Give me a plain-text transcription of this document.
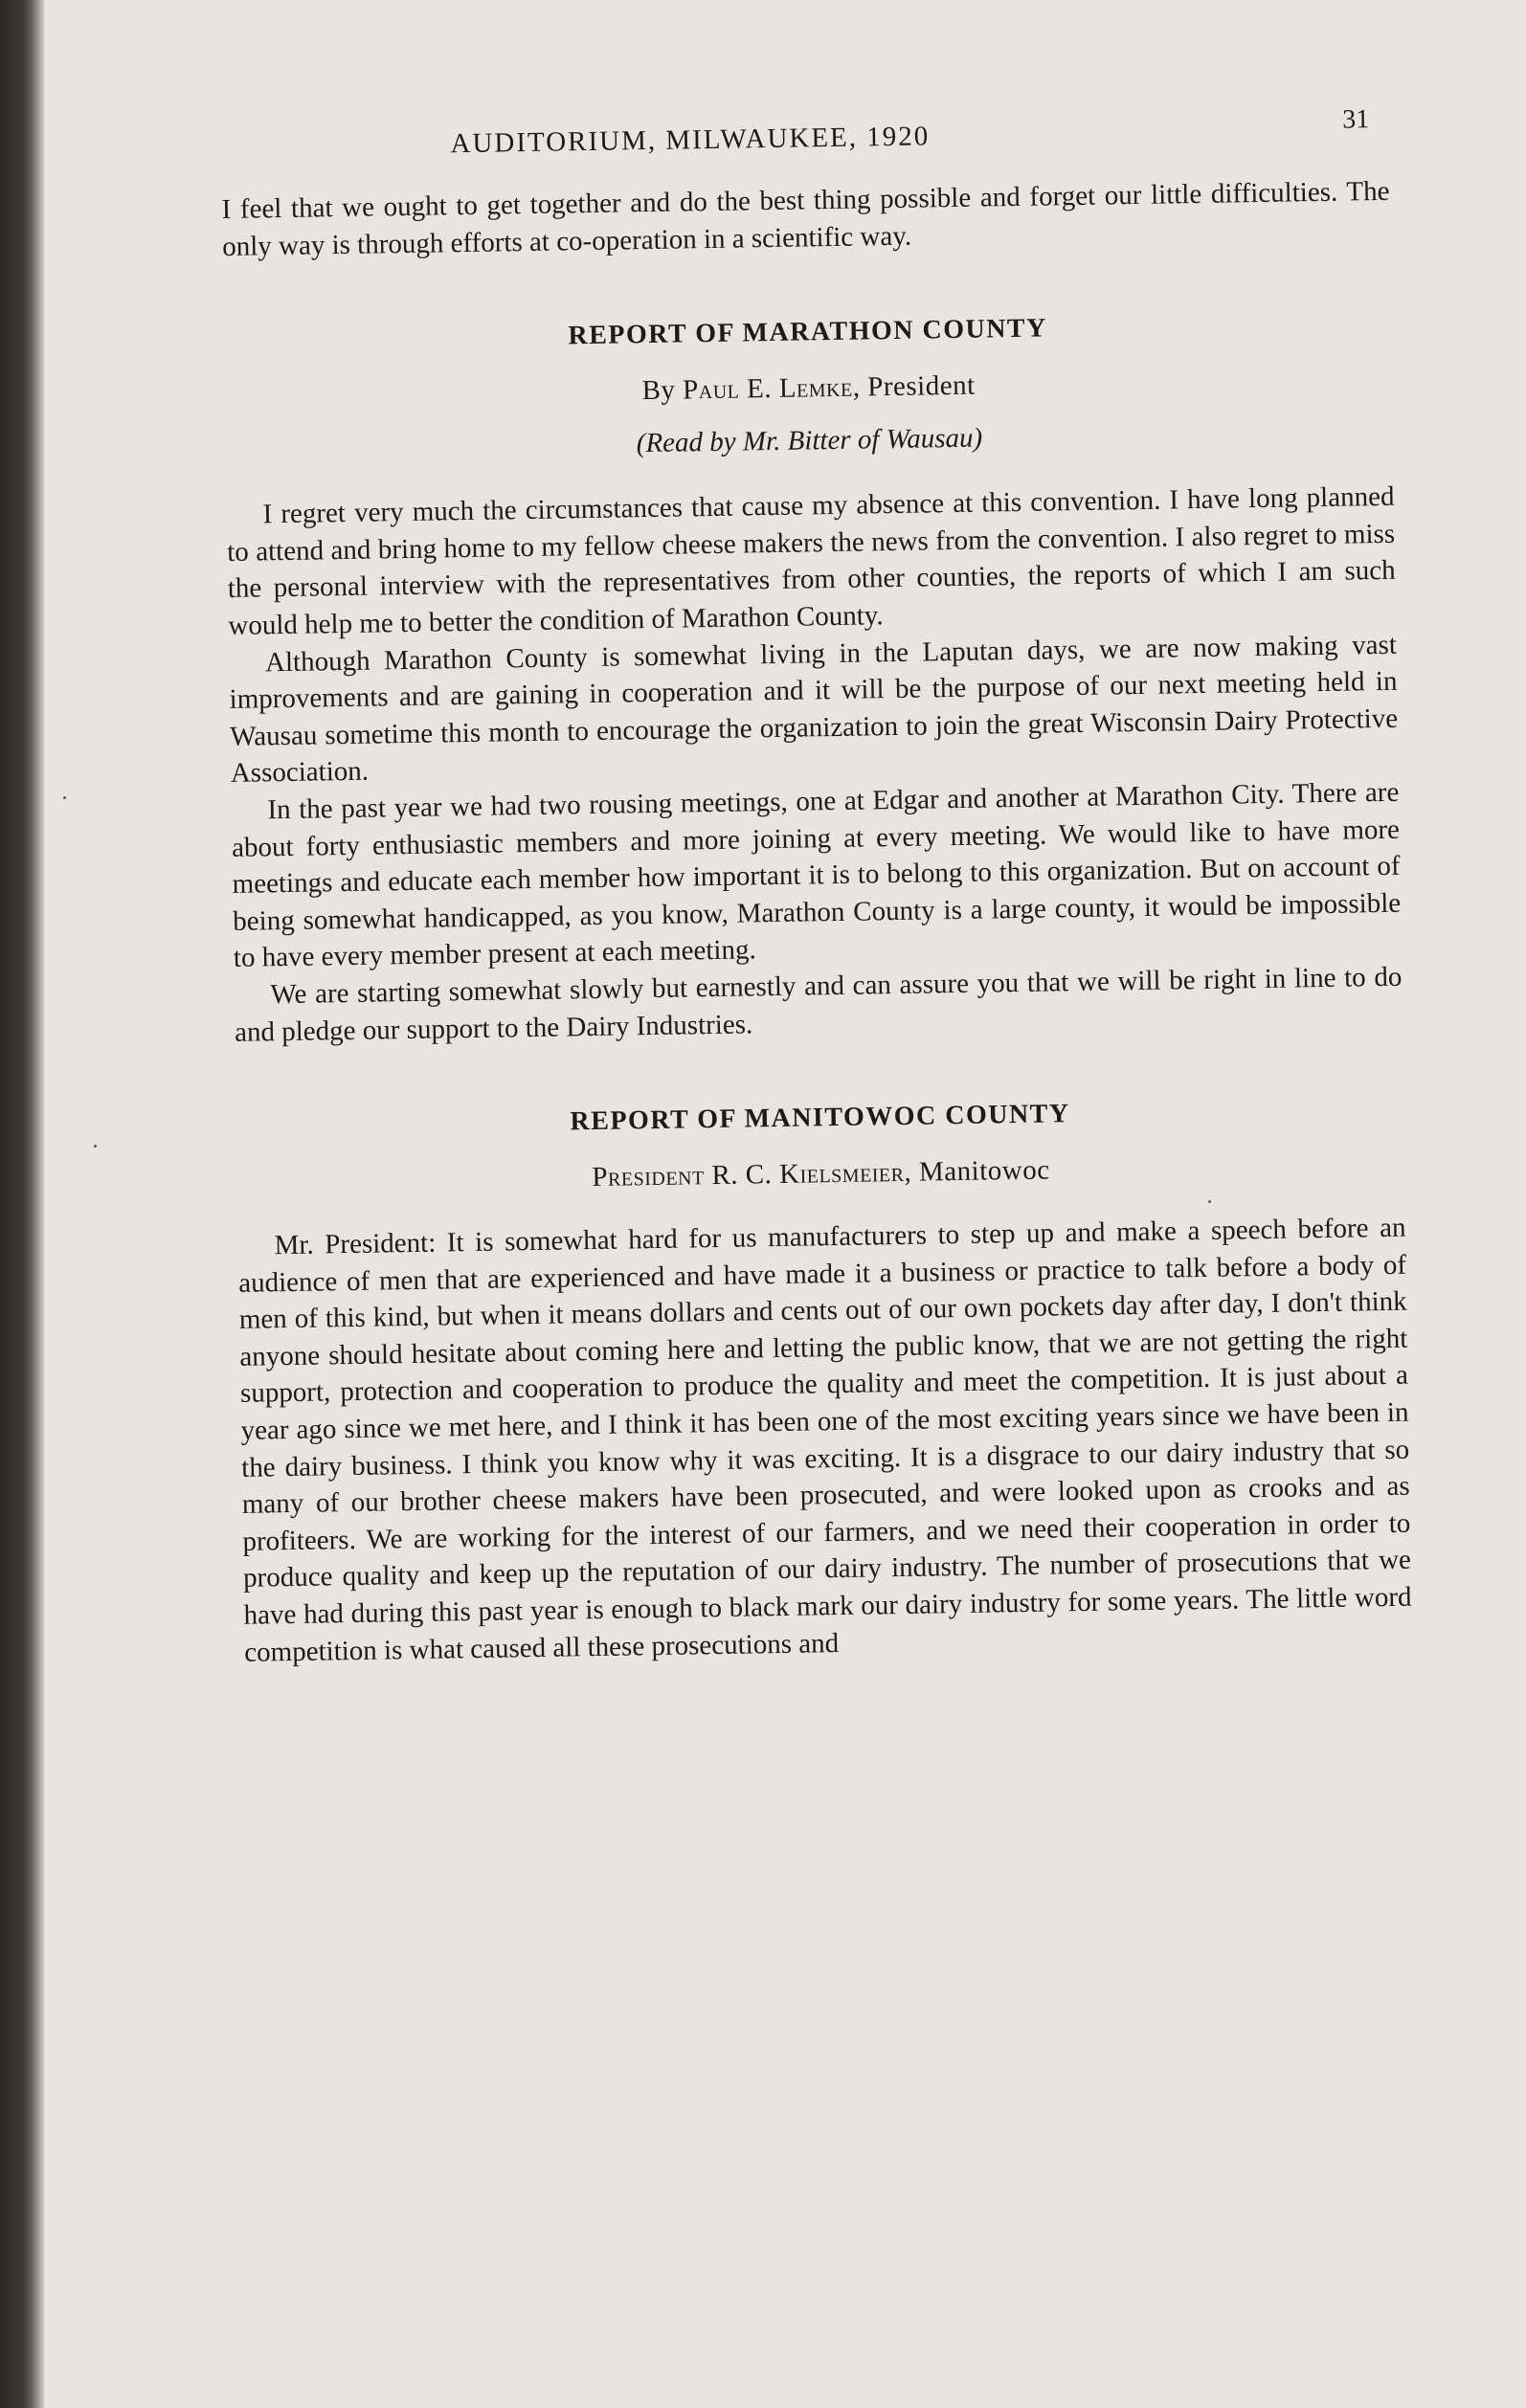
AUDITORIUM, MILWAUKEE, 1920
31

I feel that we ought to get together and do the best thing possible and forget our little difficulties. The only way is through efforts at co-operation in a scientific way.

REPORT OF MARATHON COUNTY
By Paul E. Lemke, President
(Read by Mr. Bitter of Wausau)

I regret very much the circumstances that cause my absence at this convention. I have long planned to attend and bring home to my fellow cheese makers the news from the convention. I also regret to miss the personal interview with the representatives from other counties, the reports of which I am such would help me to better the condition of Marathon County.

Although Marathon County is somewhat living in the Laputan days, we are now making vast improvements and are gaining in cooperation and it will be the purpose of our next meeting held in Wausau sometime this month to encourage the organization to join the great Wisconsin Dairy Protective Association.

In the past year we had two rousing meetings, one at Edgar and another at Marathon City. There are about forty enthusiastic members and more joining at every meeting. We would like to have more meetings and educate each member how important it is to belong to this organization. But on account of being somewhat handicapped, as you know, Marathon County is a large county, it would be impossible to have every member present at each meeting.

We are starting somewhat slowly but earnestly and can assure you that we will be right in line to do and pledge our support to the Dairy Industries.

REPORT OF MANITOWOC COUNTY
President R. C. Kielsmeier, Manitowoc

Mr. President: It is somewhat hard for us manufacturers to step up and make a speech before an audience of men that are experienced and have made it a business or practice to talk before a body of men of this kind, but when it means dollars and cents out of our own pockets day after day, I don't think anyone should hesitate about coming here and letting the public know, that we are not getting the right support, protection and cooperation to produce the quality and meet the competition. It is just about a year ago since we met here, and I think it has been one of the most exciting years since we have been in the dairy business. I think you know why it was exciting. It is a disgrace to our dairy industry that so many of our brother cheese makers have been prosecuted, and were looked upon as crooks and as profiteers. We are working for the interest of our farmers, and we need their cooperation in order to produce quality and keep up the reputation of our dairy industry. The number of prosecutions that we have had during this past year is enough to black mark our dairy industry for some years. The little word competition is what caused all these prosecutions and
